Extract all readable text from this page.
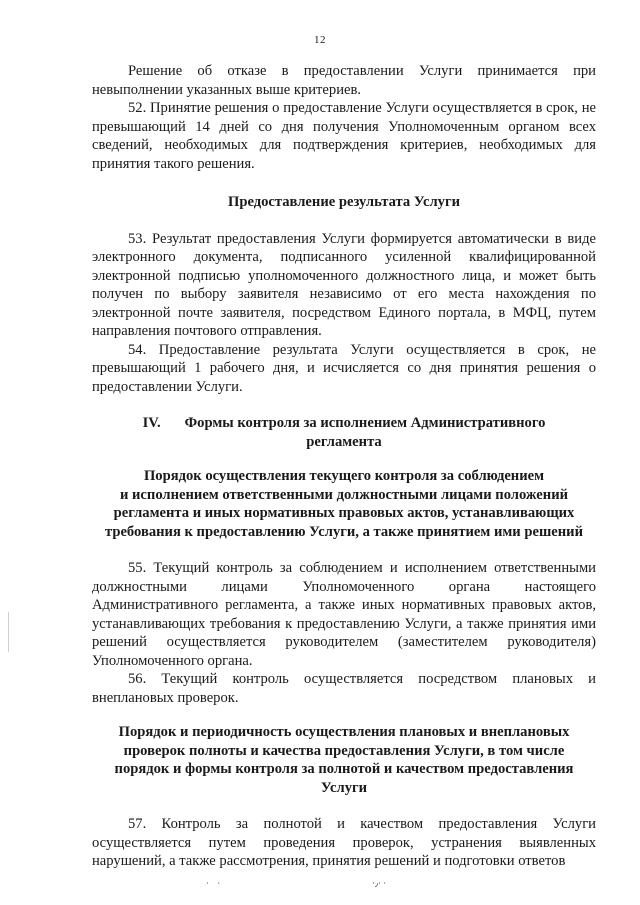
12

Решение об отказе в предоставлении Услуги принимается при невыполнении указанных выше критериев.

52. Принятие решения о предоставление Услуги осуществляется в срок, не превышающий 14 дней со дня получения Уполномоченным органом всех сведений, необходимых для подтверждения критериев, необходимых для принятия такого решения.

Предоставление результата Услуги

53. Результат предоставления Услуги формируется автоматически в виде электронного документа, подписанного усиленной квалифицированной электронной подписью уполномоченного должностного лица, и может быть получен по выбору заявителя независимо от его места нахождения по электронной почте заявителя, посредством Единого портала, в МФЦ, путем направления почтового отправления.

54. Предоставление результата Услуги осуществляется в срок, не превышающий 1 рабочего дня, и исчисляется со дня принятия решения о предоставлении Услуги.

IV. Формы контроля за исполнением Административного
регламента
Порядок осуществления текущего контроля за соблюдением
и исполнением ответственными должностными лицами положений
регламента и иных нормативных правовых актов, устанавливающих
требования к предоставлению Услуги, а также принятием ими решений

55. Текущий контроль за соблюдением и исполнением ответственными должностными лицами Уполномоченного органа настоящего Административного регламента, а также иных нормативных правовых актов, устанавливающих требования к предоставлению Услуги, а также принятия ими решений осуществляется руководителем (заместителем руководителя) Уполномоченного органа.

56. Текущий контроль осуществляется посредством плановых и внеплановых проверок.

Порядок и периодичность осуществления плановых и внеплановых
проверок полноты и качества предоставления Услуги, в том числе
порядок и формы контроля за полнотой и качеством предоставления
Услуги

57. Контроль за полнотой и качеством предоставления Услуги осуществляется путем проведения проверок, устранения выявленных нарушений, а также рассмотрения, принятия решений и подготовки ответов

· ·	·٫· ·
